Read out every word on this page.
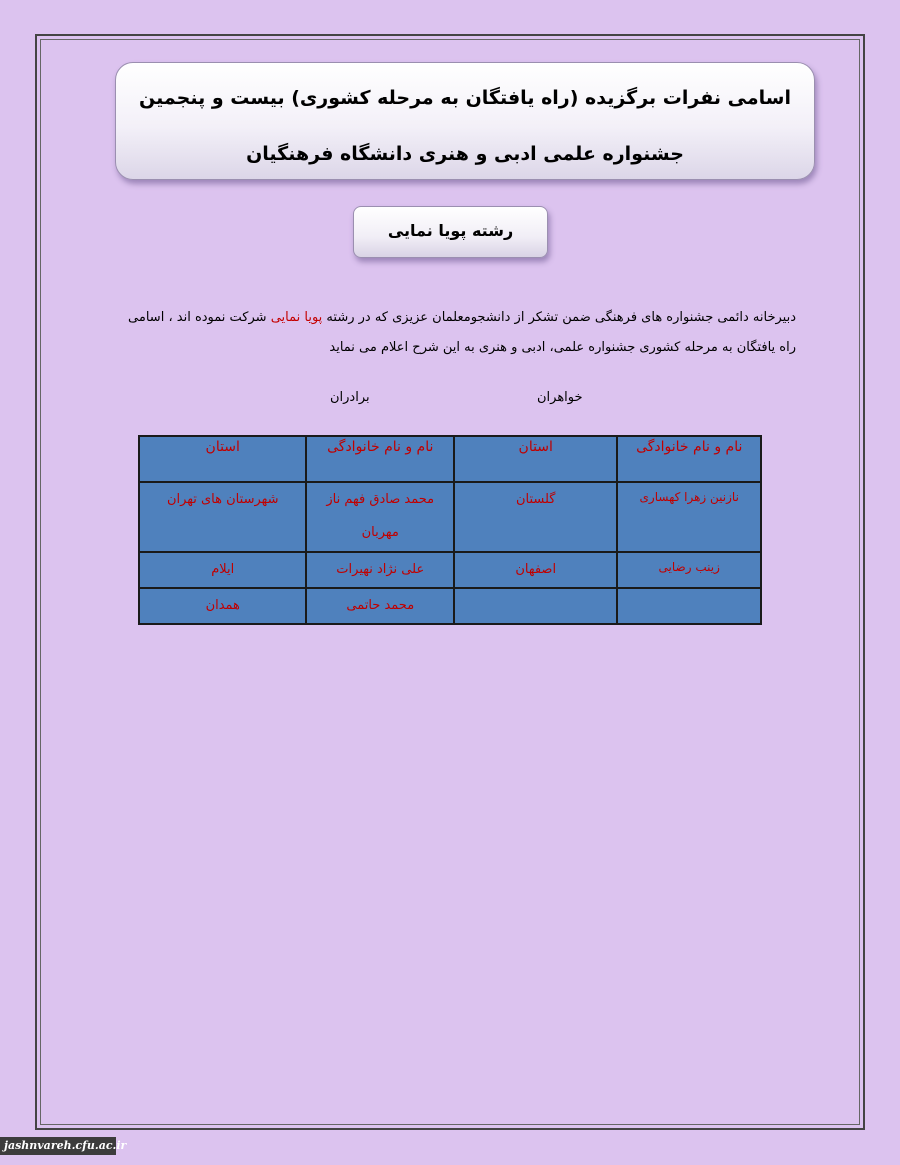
اسامی نفرات برگزیده (راه یافتگان به مرحله کشوری) بیست و پنجمین
جشنواره علمی ادبی و هنری دانشگاه فرهنگیان
رشته پویا نمایی
دبیرخانه دائمی جشنواره های فرهنگی ضمن تشکر از دانشجومعلمان عزیزی که در رشته پویا نمایی شرکت نموده اند ، اسامی راه یافتگان به مرحله کشوری جشنواره علمی، ادبی و هنری به این شرح اعلام می نماید
خواهران
برادران
نام و نام خانوادگی	استان	نام و نام خانوادگی	استان
نازنین زهرا کهساری	گلستان	محمد صادق فهم ناز مهربان	شهرستان های تهران
زینب رضایی	اصفهان	علی نژاد نهیرات	ایلام
		محمد حاتمی	همدان
jashnvareh.cfu.ac.ir
